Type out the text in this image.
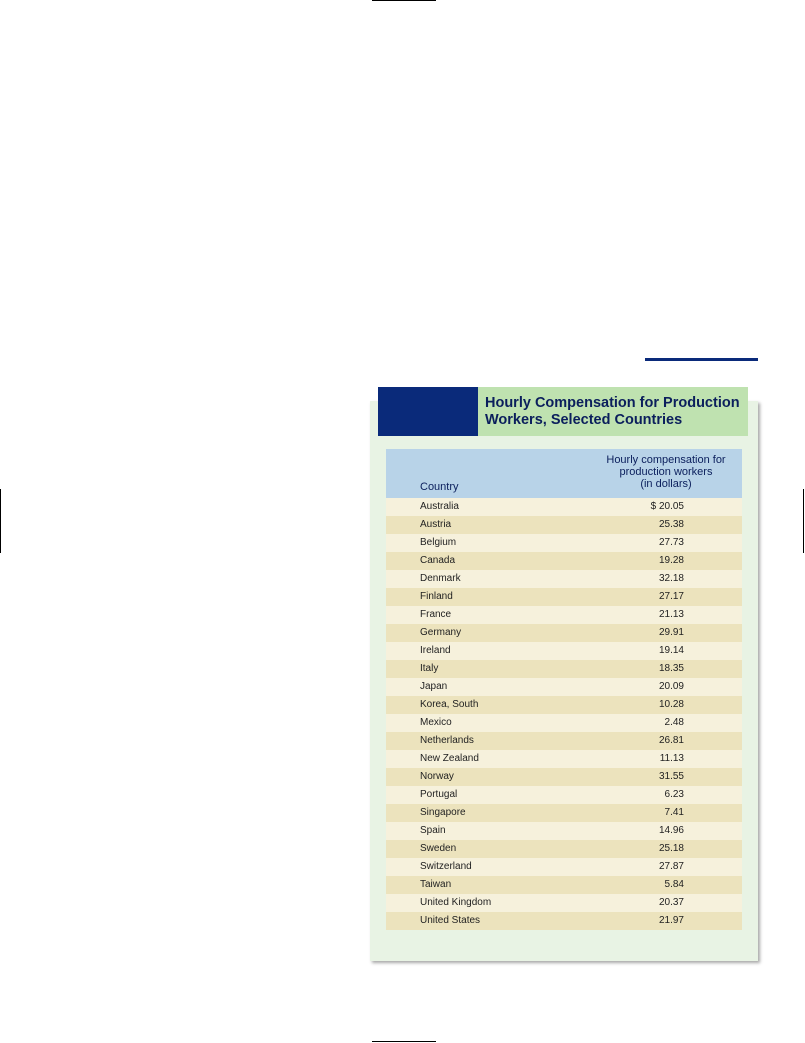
Hourly Compensation for Production
Workers, Selected Countries
Country
Hourly compensation for
production workers
(in dollars)
Australia	$ 20.05
Austria	25.38
Belgium	27.73
Canada	19.28
Denmark	32.18
Finland	27.17
France	21.13
Germany	29.91
Ireland	19.14
Italy	18.35
Japan	20.09
Korea, South	10.28
Mexico	2.48
Netherlands	26.81
New Zealand	11.13
Norway	31.55
Portugal	6.23
Singapore	7.41
Spain	14.96
Sweden	25.18
Switzerland	27.87
Taiwan	5.84
United Kingdom	20.37
United States	21.97
